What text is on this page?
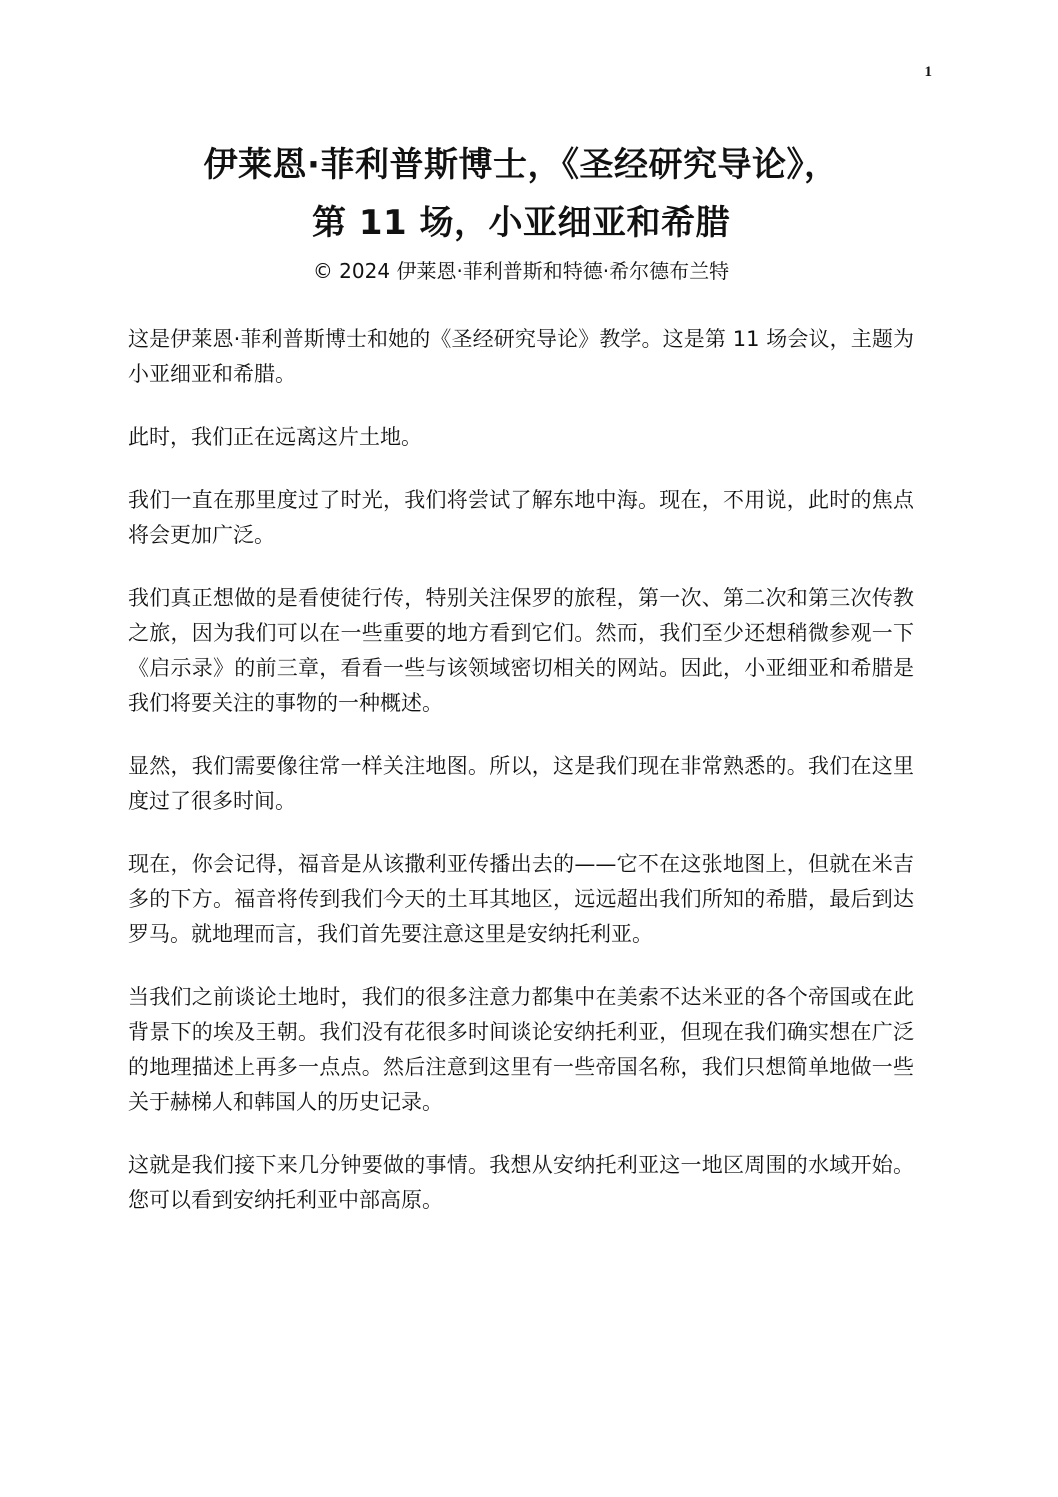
1
伊莱恩·菲利普斯博士，《圣经研究导论》，
第 11 场，小亚细亚和希腊
© 2024 伊莱恩·菲利普斯和特德·希尔德布兰特

这是伊莱恩·菲利普斯博士和她的《圣经研究导论》教学。这是第 11 场会议，主题为小亚细亚和希腊。

此时，我们正在远离这片土地。

我们一直在那里度过了时光，我们将尝试了解东地中海。现在，不用说，此时的焦点将会更加广泛。

我们真正想做的是看使徒行传，特别关注保罗的旅程，第一次、第二次和第三次传教之旅，因为我们可以在一些重要的地方看到它们。然而，我们至少还想稍微参观一下《启示录》的前三章，看看一些与该领域密切相关的网站。因此，小亚细亚和希腊是我们将要关注的事物的一种概述。

显然，我们需要像往常一样关注地图。所以，这是我们现在非常熟悉的。我们在这里度过了很多时间。

现在，你会记得，福音是从该撒利亚传播出去的——它不在这张地图上，但就在米吉多的下方。福音将传到我们今天的土耳其地区，远远超出我们所知的希腊，最后到达罗马。就地理而言，我们首先要注意这里是安纳托利亚。

当我们之前谈论土地时，我们的很多注意力都集中在美索不达米亚的各个帝国或在此背景下的埃及王朝。我们没有花很多时间谈论安纳托利亚，但现在我们确实想在广泛的地理描述上再多一点点。然后注意到这里有一些帝国名称，我们只想简单地做一些关于赫梯人和韩国人的历史记录。

这就是我们接下来几分钟要做的事情。我想从安纳托利亚这一地区周围的水域开始。您可以看到安纳托利亚中部高原。
